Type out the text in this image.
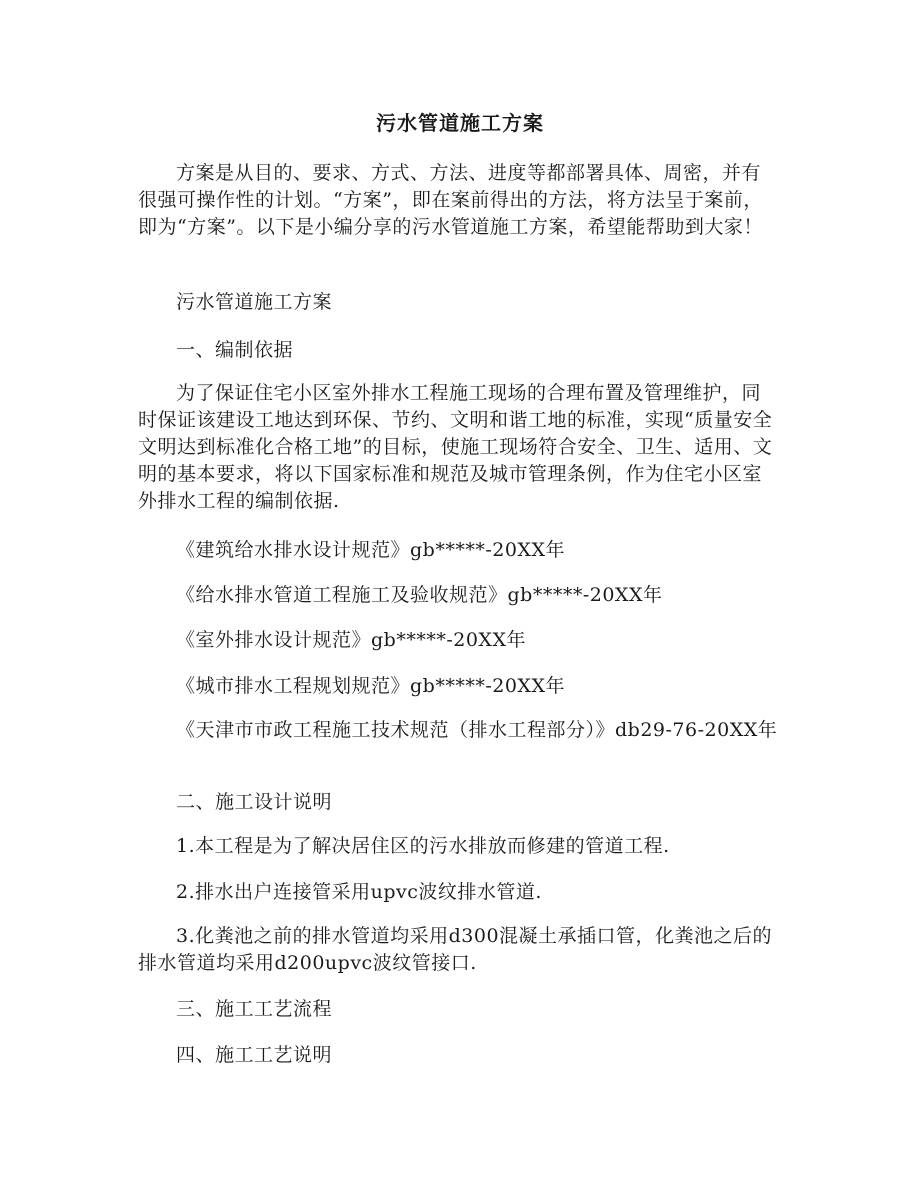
污水管道施工方案

方案是从目的、要求、方式、方法、进度等都部署具体、周密，并有很强可操作性的计划。“方案”，即在案前得出的方法，将方法呈于案前，即为“方案”。以下是小编分享的污水管道施工方案，希望能帮助到大家！

污水管道施工方案

一、编制依据

为了保证住宅小区室外排水工程施工现场的合理布置及管理维护，同时保证该建设工地达到环保、节约、文明和谐工地的标准，实现“质量安全文明达到标准化合格工地”的目标，使施工现场符合安全、卫生、适用、文明的基本要求，将以下国家标准和规范及城市管理条例，作为住宅小区室外排水工程的编制依据.

《建筑给水排水设计规范》gb*****-20XX年

《给水排水管道工程施工及验收规范》gb*****-20XX年

《室外排水设计规范》gb*****-20XX年

《城市排水工程规划规范》gb*****-20XX年

《天津市市政工程施工技术规范（排水工程部分）》db29-76-20XX年

二、施工设计说明

1.本工程是为了解决居住区的污水排放而修建的管道工程.

2.排水出户连接管采用upvc波纹排水管道.

3.化粪池之前的排水管道均采用d300混凝土承插口管，化粪池之后的排水管道均采用d200upvc波纹管接口.

三、施工工艺流程

四、施工工艺说明
